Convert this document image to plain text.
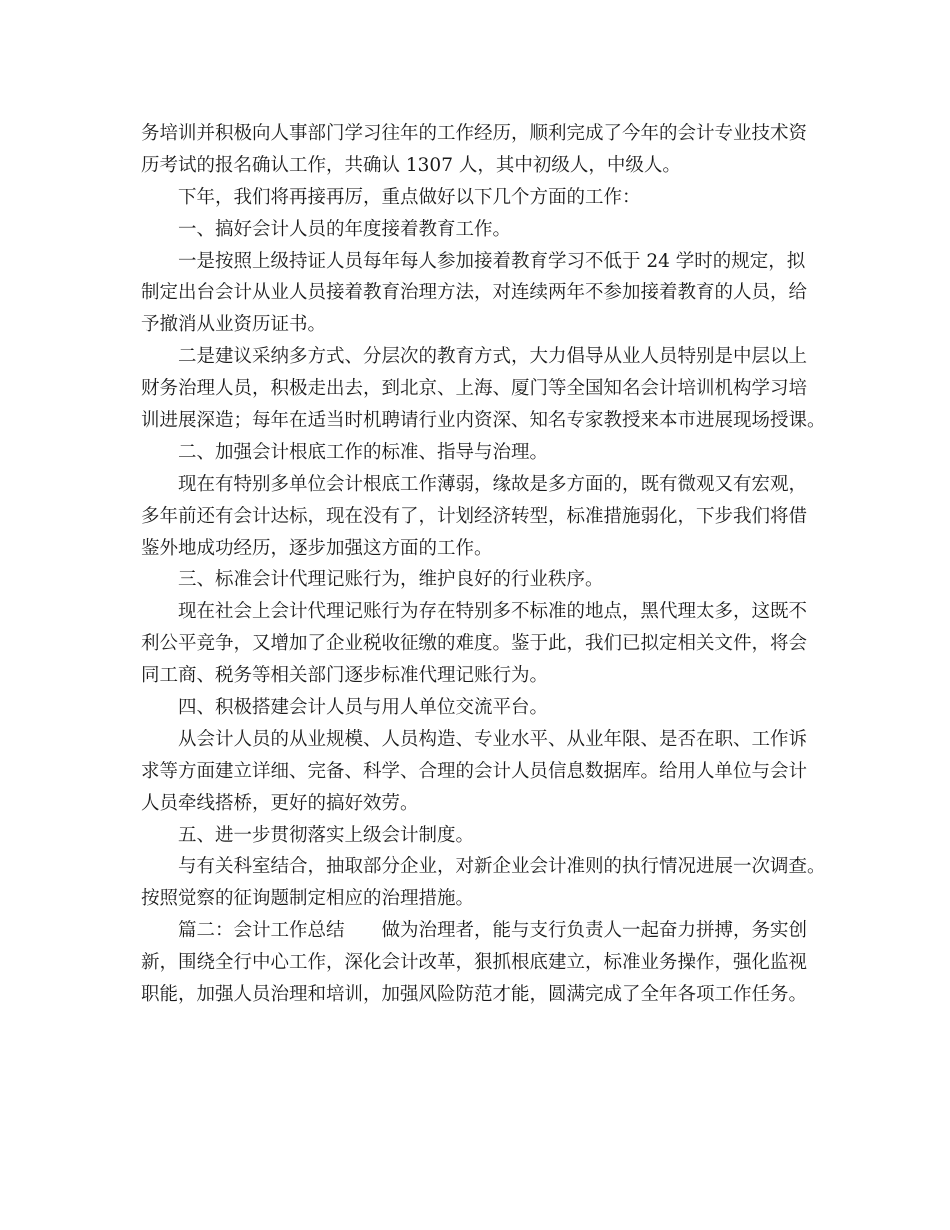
务培训并积极向人事部门学习往年的工作经历，顺利完成了今年的会计专业技术资
历考试的报名确认工作，共确认 1307 人，其中初级人，中级人。
下年，我们将再接再厉，重点做好以下几个方面的工作：
一、搞好会计人员的年度接着教育工作。
一是按照上级持证人员每年每人参加接着教育学习不低于 24 学时的规定，拟
制定出台会计从业人员接着教育治理方法，对连续两年不参加接着教育的人员，给
予撤消从业资历证书。
二是建议采纳多方式、分层次的教育方式，大力倡导从业人员特别是中层以上
财务治理人员，积极走出去，到北京、上海、厦门等全国知名会计培训机构学习培
训进展深造；每年在适当时机聘请行业内资深、知名专家教授来本市进展现场授课。
二、加强会计根底工作的标准、指导与治理。
现在有特别多单位会计根底工作薄弱，缘故是多方面的，既有微观又有宏观，
多年前还有会计达标，现在没有了，计划经济转型，标准措施弱化，下步我们将借
鉴外地成功经历，逐步加强这方面的工作。
三、标准会计代理记账行为，维护良好的行业秩序。
现在社会上会计代理记账行为存在特别多不标准的地点，黑代理太多，这既不
利公平竞争，又增加了企业税收征缴的难度。鉴于此，我们已拟定相关文件，将会
同工商、税务等相关部门逐步标准代理记账行为。
四、积极搭建会计人员与用人单位交流平台。
从会计人员的从业规模、人员构造、专业水平、从业年限、是否在职、工作诉
求等方面建立详细、完备、科学、合理的会计人员信息数据库。给用人单位与会计
人员牵线搭桥，更好的搞好效劳。
五、进一步贯彻落实上级会计制度。
与有关科室结合，抽取部分企业，对新企业会计准则的执行情况进展一次调查。
按照觉察的征询题制定相应的治理措施。
篇二：会计工作总结　　做为治理者，能与支行负责人一起奋力拼搏，务实创
新，围绕全行中心工作，深化会计改革，狠抓根底建立，标准业务操作，强化监视
职能，加强人员治理和培训，加强风险防范才能，圆满完成了全年各项工作任务。
